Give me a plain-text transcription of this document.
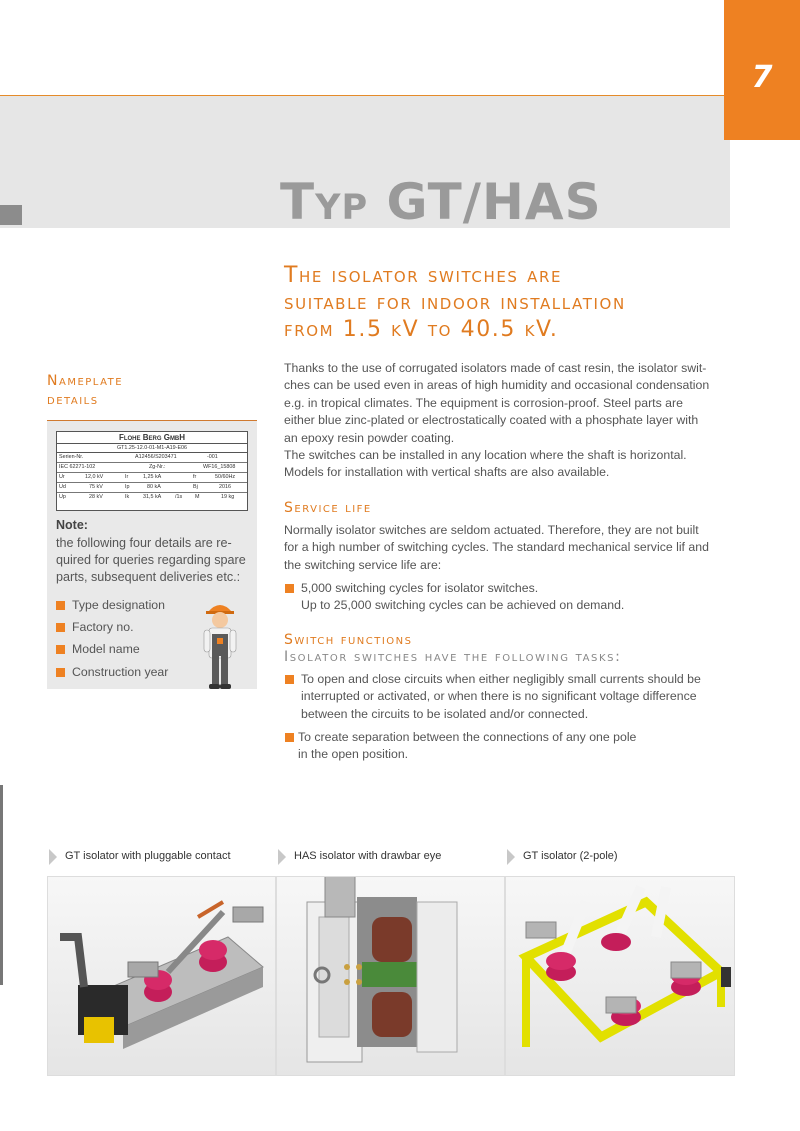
7
Typ GT/HAS
The isolator switches are
suitable for indoor installation
from 1.5 kV to 40.5 kV.
Thanks to the use of corrugated isolators made of cast resin, the isolator swit-
ches can be used even in areas of high humidity and occasional condensation
e.g. in tropical climates. The equipment is corrosion-proof. Steel parts are
either blue zinc-plated or electrostatically coated with a phosphate layer with
an epoxy resin powder coating.
The switches can be installed in any location where the shaft is horizontal.
Models for installation with vertical shafts are also available.
Service life
Normally isolator switches are seldom actuated. Therefore, they are not built
for a high number of switching cycles. The standard mechanical service lif and
the switching service life are:
5,000 switching cycles for isolator switches.
Up to 25,000 switching cycles can be achieved on demand.
Switch functions
Isolator switches have the following tasks:
To open and close circuits when either negligibly small currents should be
interrupted or activated, or when there is no significant voltage difference
between the circuits to be isolated and/or connected.
To create separation between the connections of any one pole
in the open position.
Nameplate
details
Flohe Berg GmbH
GT1.25-12.0-01-M1-A19-E06
Serien-Nr.	A12456/S203471	-001
IEC 62271-102	Zg-Nr.:	WF16_15808
Ur	12,0 kV	Ir	1,25 kA	fr	50/60Hz
Ud	75 kV	Ip	80 kA	Bj	2016
Up	28 kV	Ik	31,5 kA	/1s M	19 kg
Note:
the following four details are re-
quired for queries regarding spare
parts, subsequent deliveries etc.:
Type designation
Factory no.
Model name
Construction year
GT isolator with pluggable contact	HAS isolator with drawbar eye	GT isolator (2-pole)
